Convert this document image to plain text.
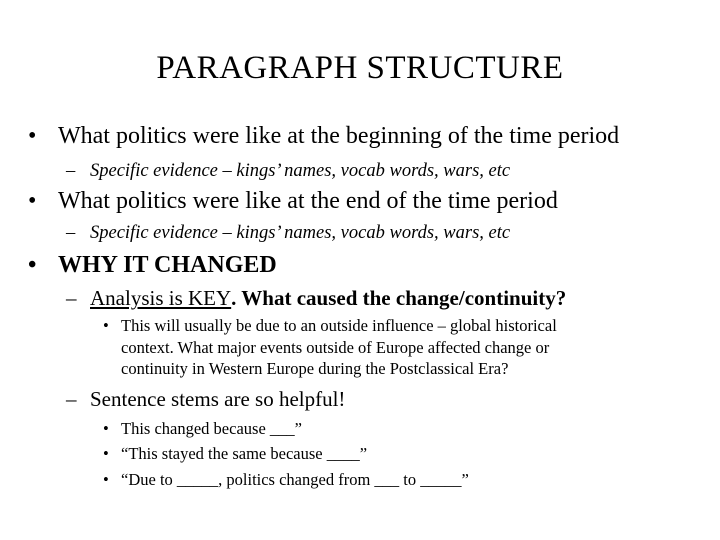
PARAGRAPH STRUCTURE
• What politics were like at the beginning of the time period
– Specific evidence – kings’ names, vocab words, wars, etc
• What politics were like at the end of the time period
– Specific evidence – kings’ names, vocab words, wars, etc
• WHY IT CHANGED
– Analysis is KEY. What caused the change/continuity?
• This will usually be due to an outside influence – global historical
context. What major events outside of Europe affected change or
continuity in Western Europe during the Postclassical Era?
– Sentence stems are so helpful!
• This changed because ___”
• “This stayed the same because ____”
• “Due to _____, politics changed from ___ to _____”
